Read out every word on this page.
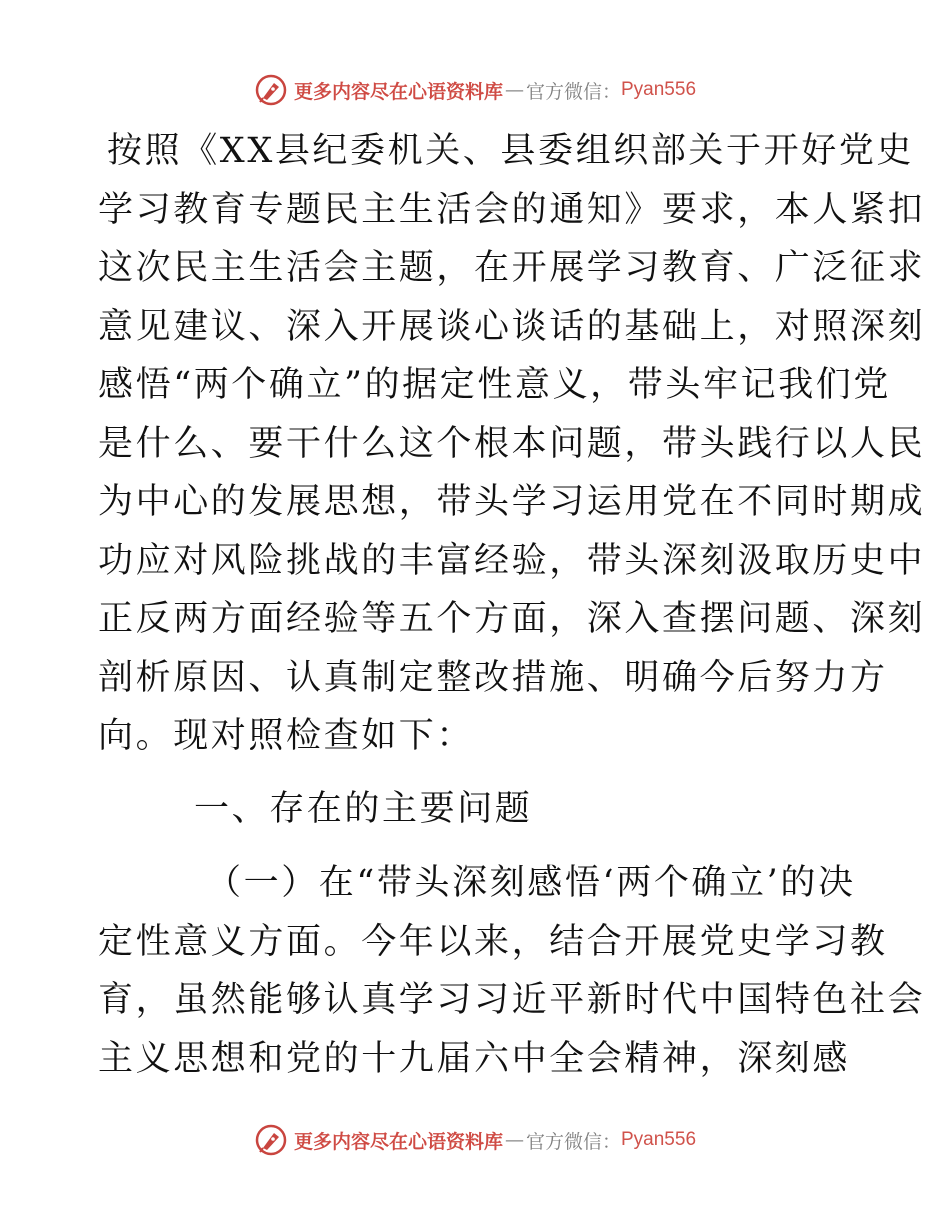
更多内容尽在心语资料库 — 官方微信： Pyan556
按照《XX县纪委机关、县委组织部关于开好党史
学习教育专题民主生活会的通知》要求，本人紧扣
这次民主生活会主题，在开展学习教育、广泛征求
意见建议、深入开展谈心谈话的基础上，对照深刻
感悟“两个确立”的据定性意义，带头牢记我们党
是什么、要干什么这个根本问题，带头践行以人民
为中心的发展思想，带头学习运用党在不同时期成
功应对风险挑战的丰富经验，带头深刻汲取历史中
正反两方面经验等五个方面，深入查摆问题、深刻
剖析原因、认真制定整改措施、明确今后努力方
向。现对照检查如下：
一、存在的主要问题
（一）在“带头深刻感悟‘两个确立’的决
定性意义方面。今年以来，结合开展党史学习教
育，虽然能够认真学习习近平新时代中国特色社会
主义思想和党的十九届六中全会精神，深刻感
更多内容尽在心语资料库 — 官方微信： Pyan556
